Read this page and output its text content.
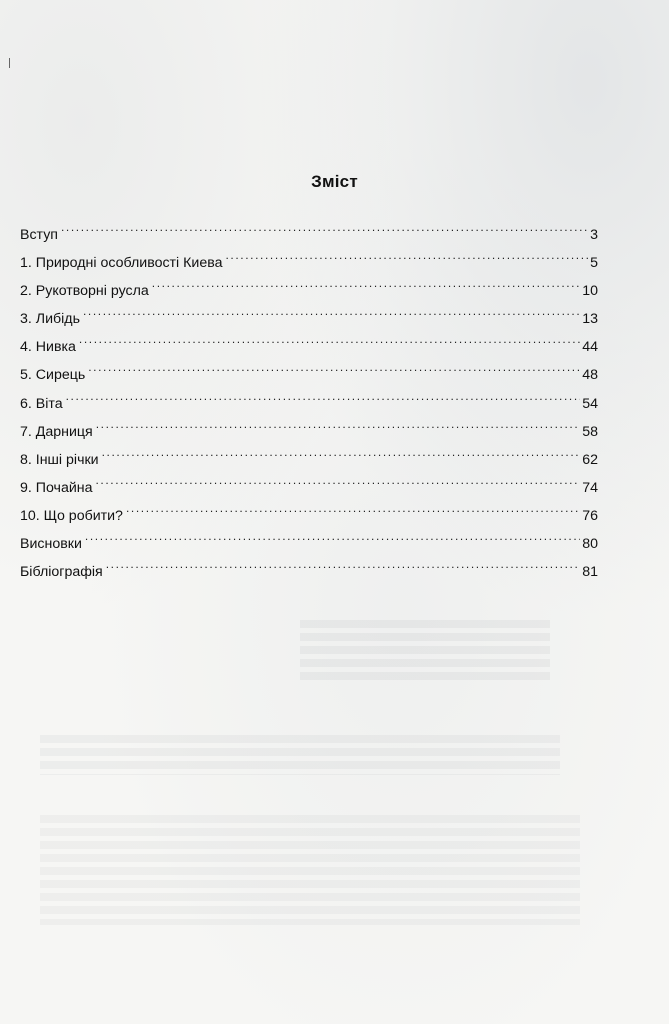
Зміст
Вступ .....	3
1. Природні особливості Киева .....	5
2. Рукотворні русла .....	10
3. Либідь .....	13
4. Нивка .....	44
5. Сирець .....	48
6. Віта .....	54
7. Дарниця .....	58
8. Інші річки .....	62
9. Почайна .....	74
10. Що робити? .....	76
Висновки .....	80
Бібліографія .....	81
